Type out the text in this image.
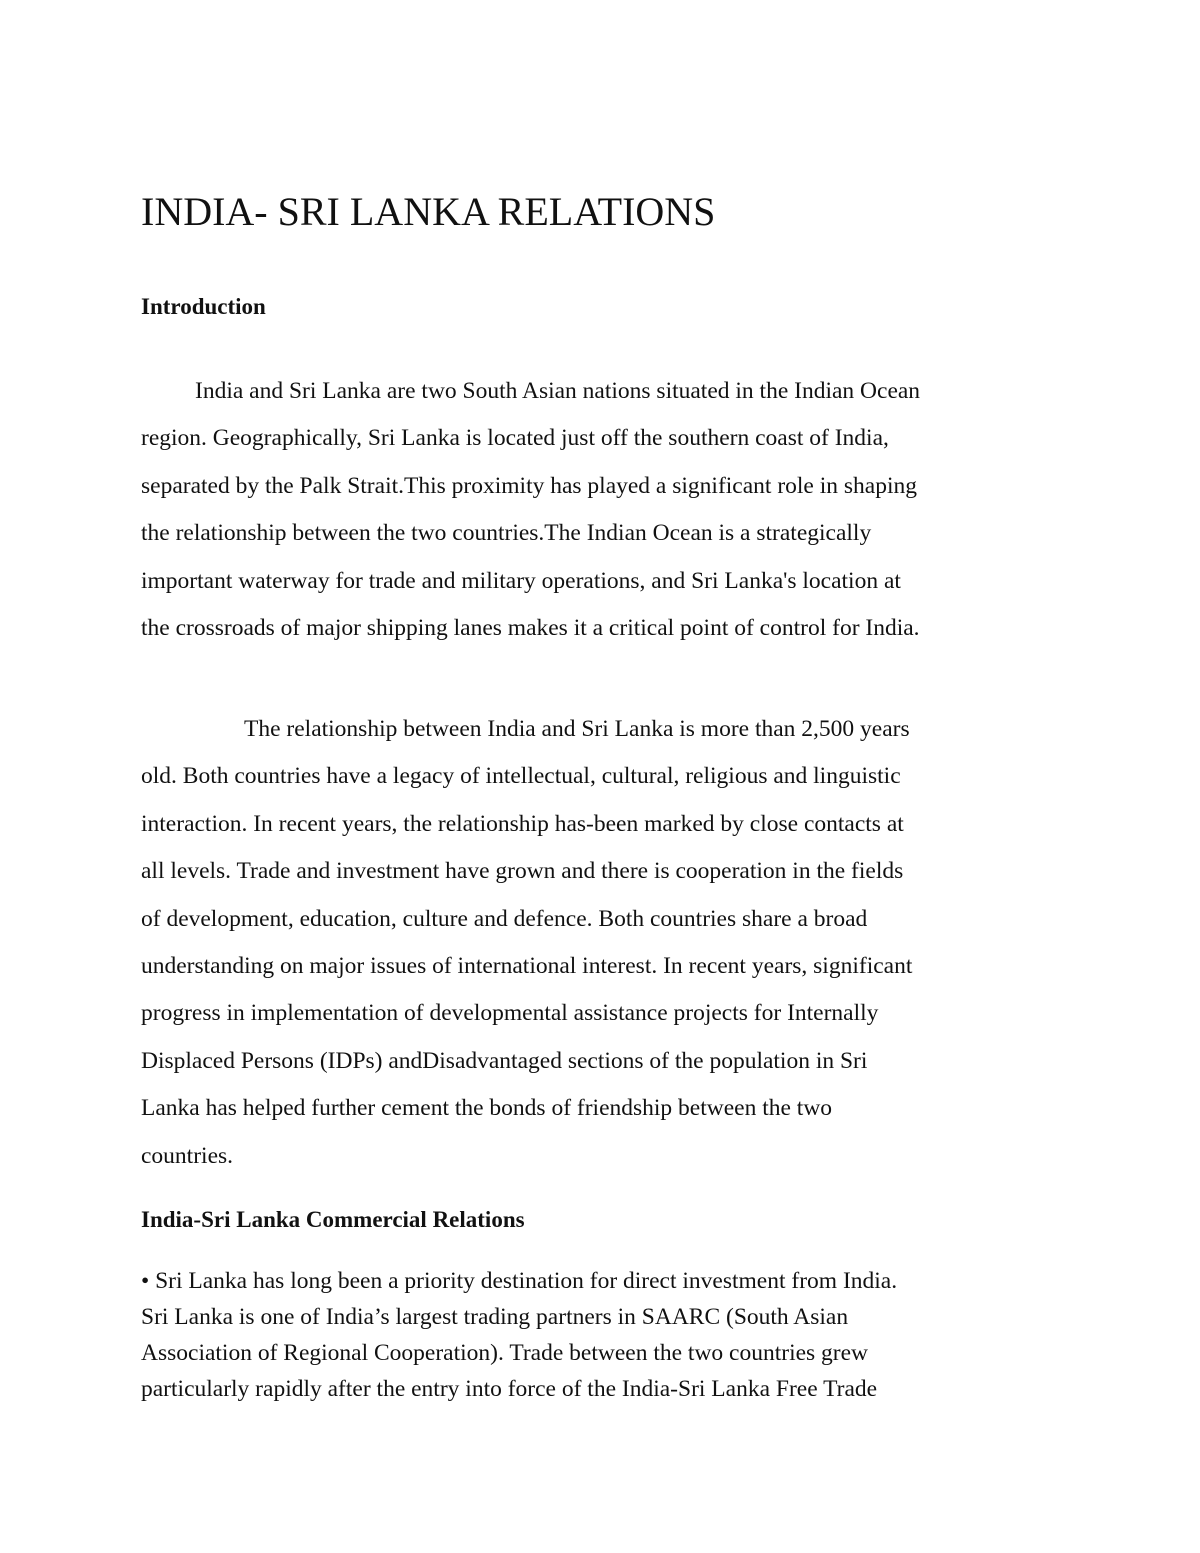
INDIA- SRI LANKA RELATIONS
Introduction
India and Sri Lanka are two South Asian nations situated in the Indian Ocean
region. Geographically, Sri Lanka is located just off the southern coast of India,
separated by the Palk Strait.This proximity has played a significant role in shaping
the relationship between the two countries.The Indian Ocean is a strategically
important waterway for trade and military operations, and Sri Lanka's location at
the crossroads of major shipping lanes makes it a critical point of control for India.
The relationship between India and Sri Lanka is more than 2,500 years
old. Both countries have a legacy of intellectual, cultural, religious and linguistic
interaction. In recent years, the relationship has-been marked by close contacts at
all levels. Trade and investment have grown and there is cooperation in the fields
of development, education, culture and defence. Both countries share a broad
understanding on major issues of international interest. In recent years, significant
progress in implementation of developmental assistance projects for Internally
Displaced Persons (IDPs) andDisadvantaged sections of the population in Sri
Lanka has helped further cement the bonds of friendship between the two
countries.
India-Sri Lanka Commercial Relations
• Sri Lanka has long been a priority destination for direct investment from India.
Sri Lanka is one of India’s largest trading partners in SAARC (South Asian
Association of Regional Cooperation). Trade between the two countries grew
particularly rapidly after the entry into force of the India-Sri Lanka Free Trade
